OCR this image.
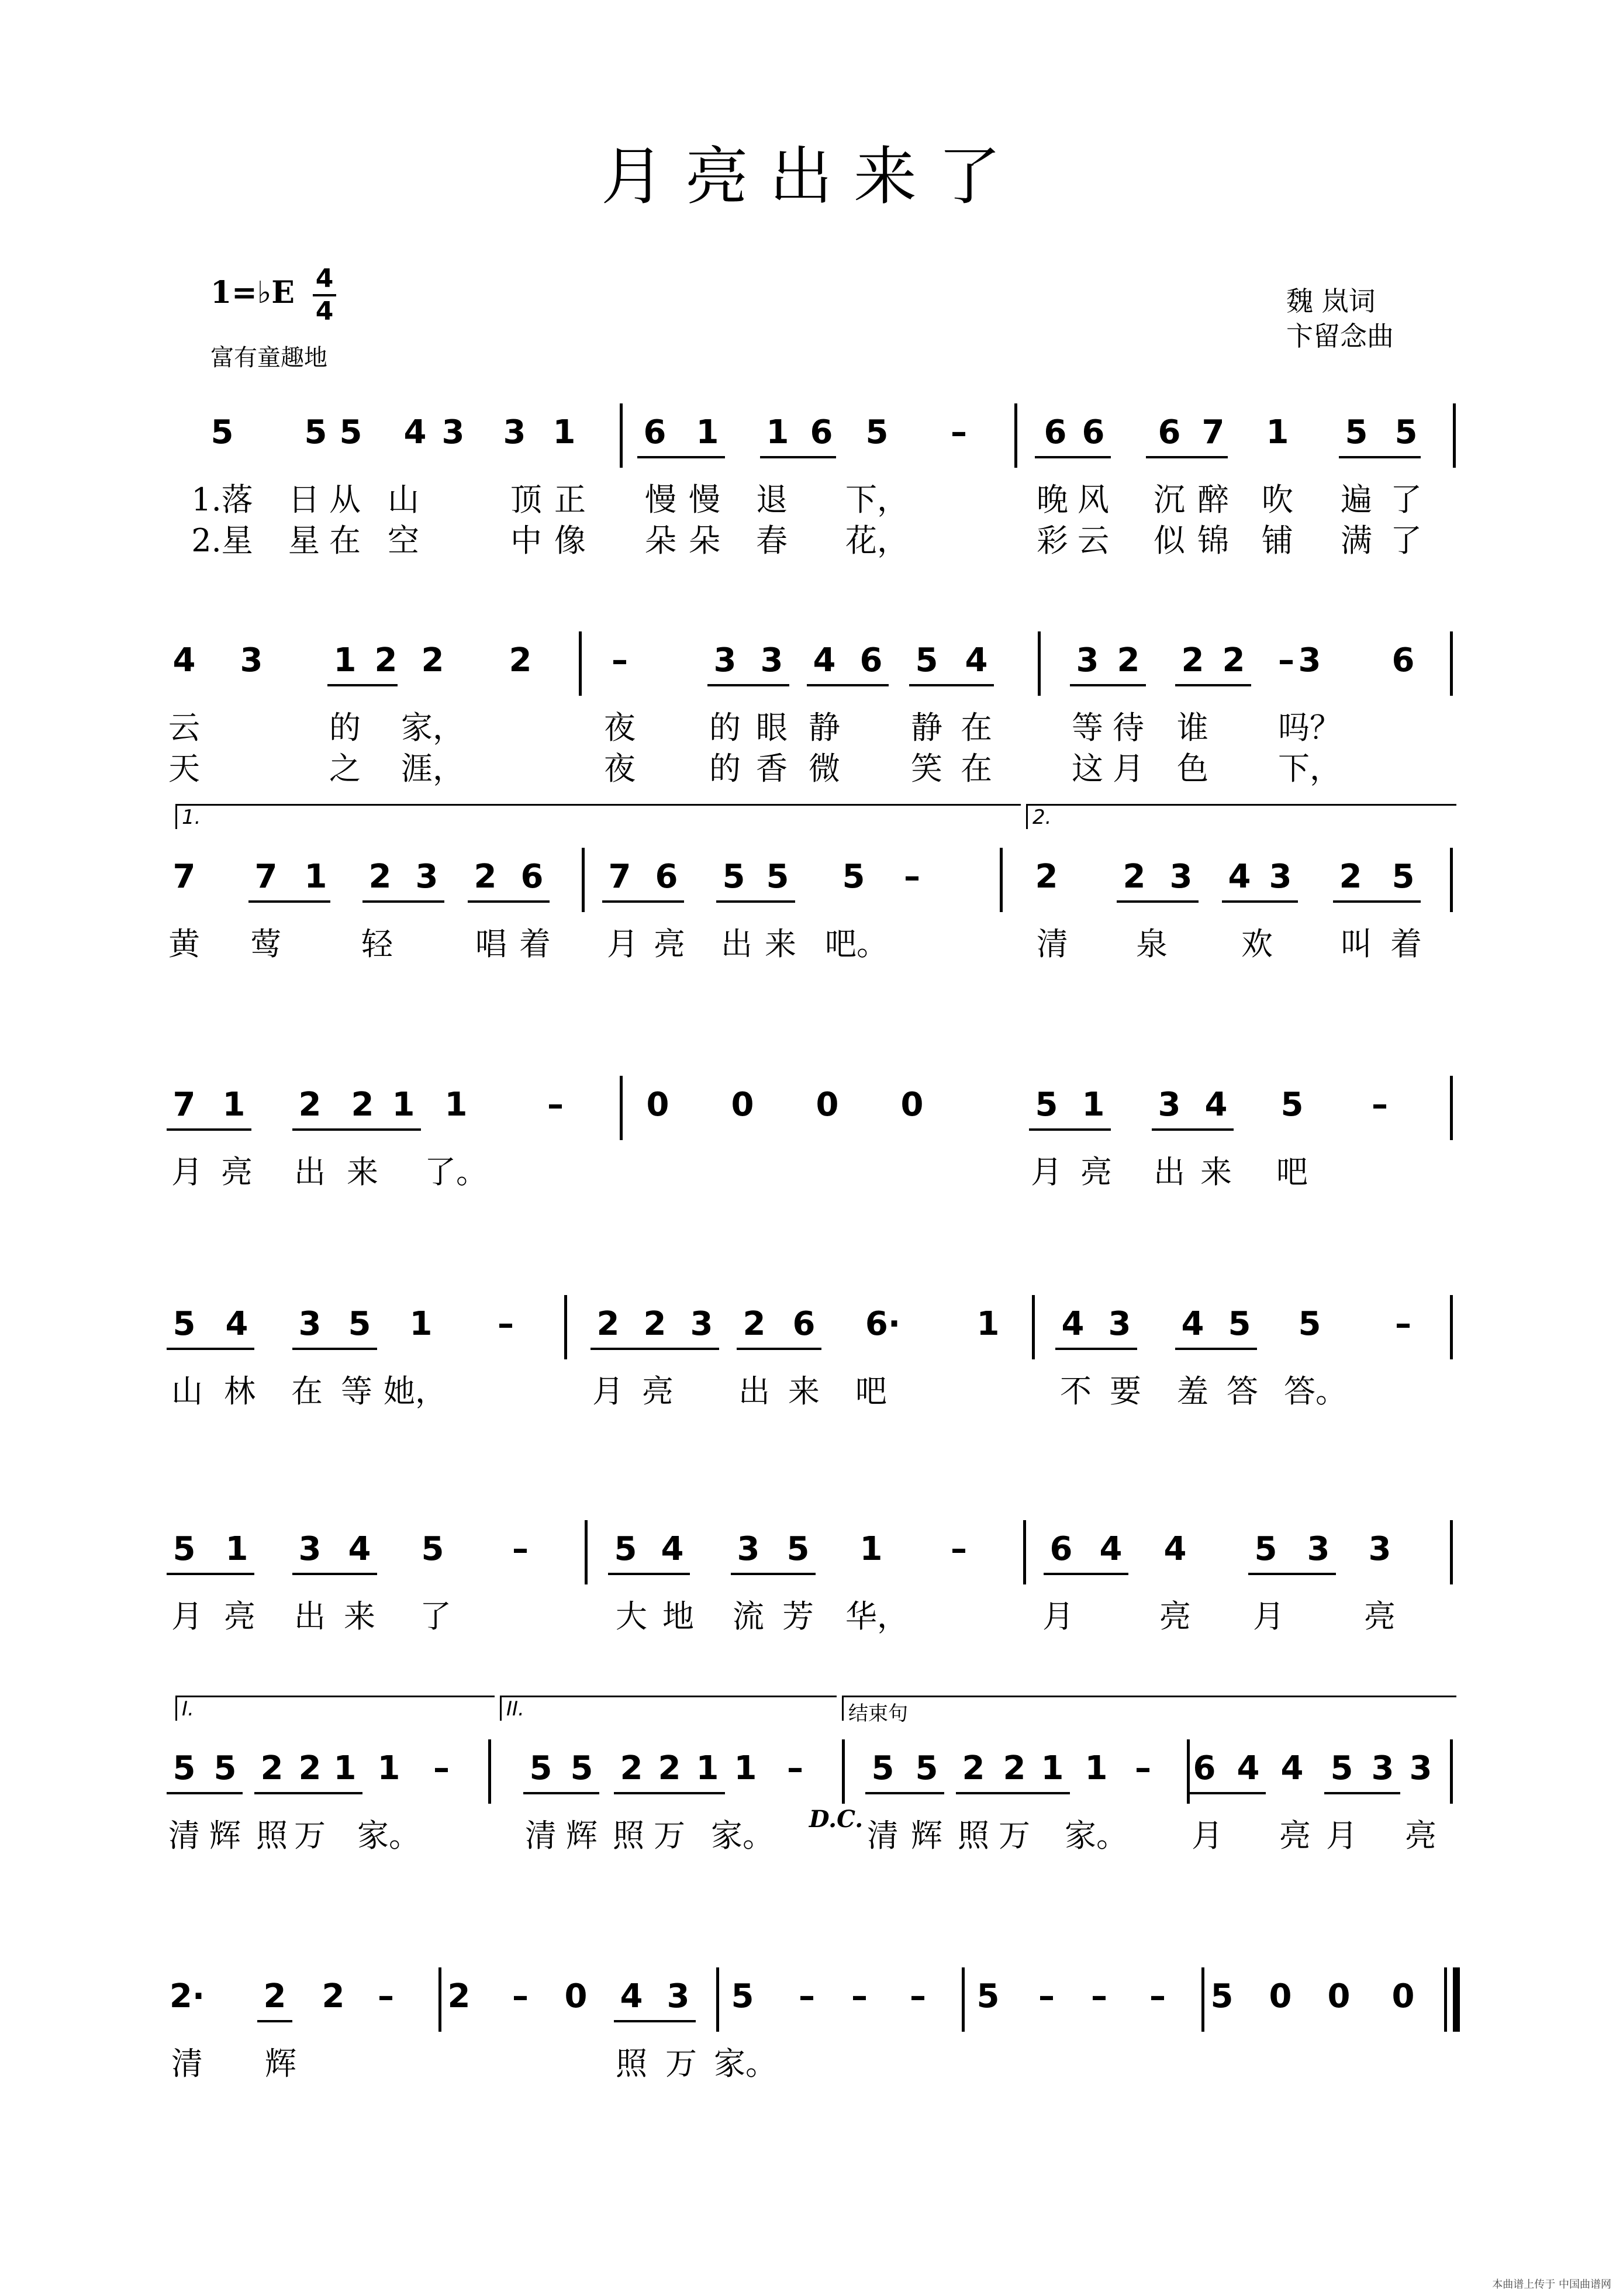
月亮出来了
1=♭E 4
4
富有童趣地
魏 岚词
卞留念曲
5 5 5 4 3 3 1 6 1 1 6 5 – 6 6 6 7 1 5 5
1.落 日 从 山	顶 正 慢 慢 退 下，	晚 风 沉 醉 吹 遍 了
2.星 星 在 空	中 像 朵 朵 春 花，	彩 云 似 锦 铺 满 了
4 3 1 2 2 2 –	3 3 4 6 5 4	3 2 2 2 3 6
–
云	的 家，	夜 的 眼 静 静 在	等 待 谁 吗？
天	之 涯，	夜 的 香 微 笑 在	这 月 色 下，
7 7 1 2 3 2 6 7 6 5 5 5 –	2 2 3 4 3 2 5
黄 莺	轻	唱 着 月 亮 出 来 吧。	清 泉 欢 叫 着
1.	2.
7 1 2 2 1 1 –	0 0 0 0	5 1 3 4 5 –
月 亮 出 来 了。	月 亮 出 来 吧
5 4 3 5 1 –	2 2 3 2 6 6· 1 4 3 4 5 5 –
山 林 在 等 她，	月 亮 出 来 吧	不 要 羞 答 答。
5 1 3 4 5 –	5 4 3 5 1 –	6 4 4 5 3 3
月 亮 出 来 了	大 地 流 芳 华，	月	亮 月	亮
5 5 2 2 1 1 – 5 5 2 2 1 1 – 5 5 2 2 1 1 – 6 4 4 5 3 3
清 辉 照 万 家。	清 辉 照 万 家。	清 辉 照 万 家。 月 亮 月 亮
I.	II.	结束句
D.C.
2· 2 2 – 2 – 0 4 3 5 – – – 5 – – – 5 0 0 0
清 辉	照 万 家。
本曲谱上传于 中国曲谱网
